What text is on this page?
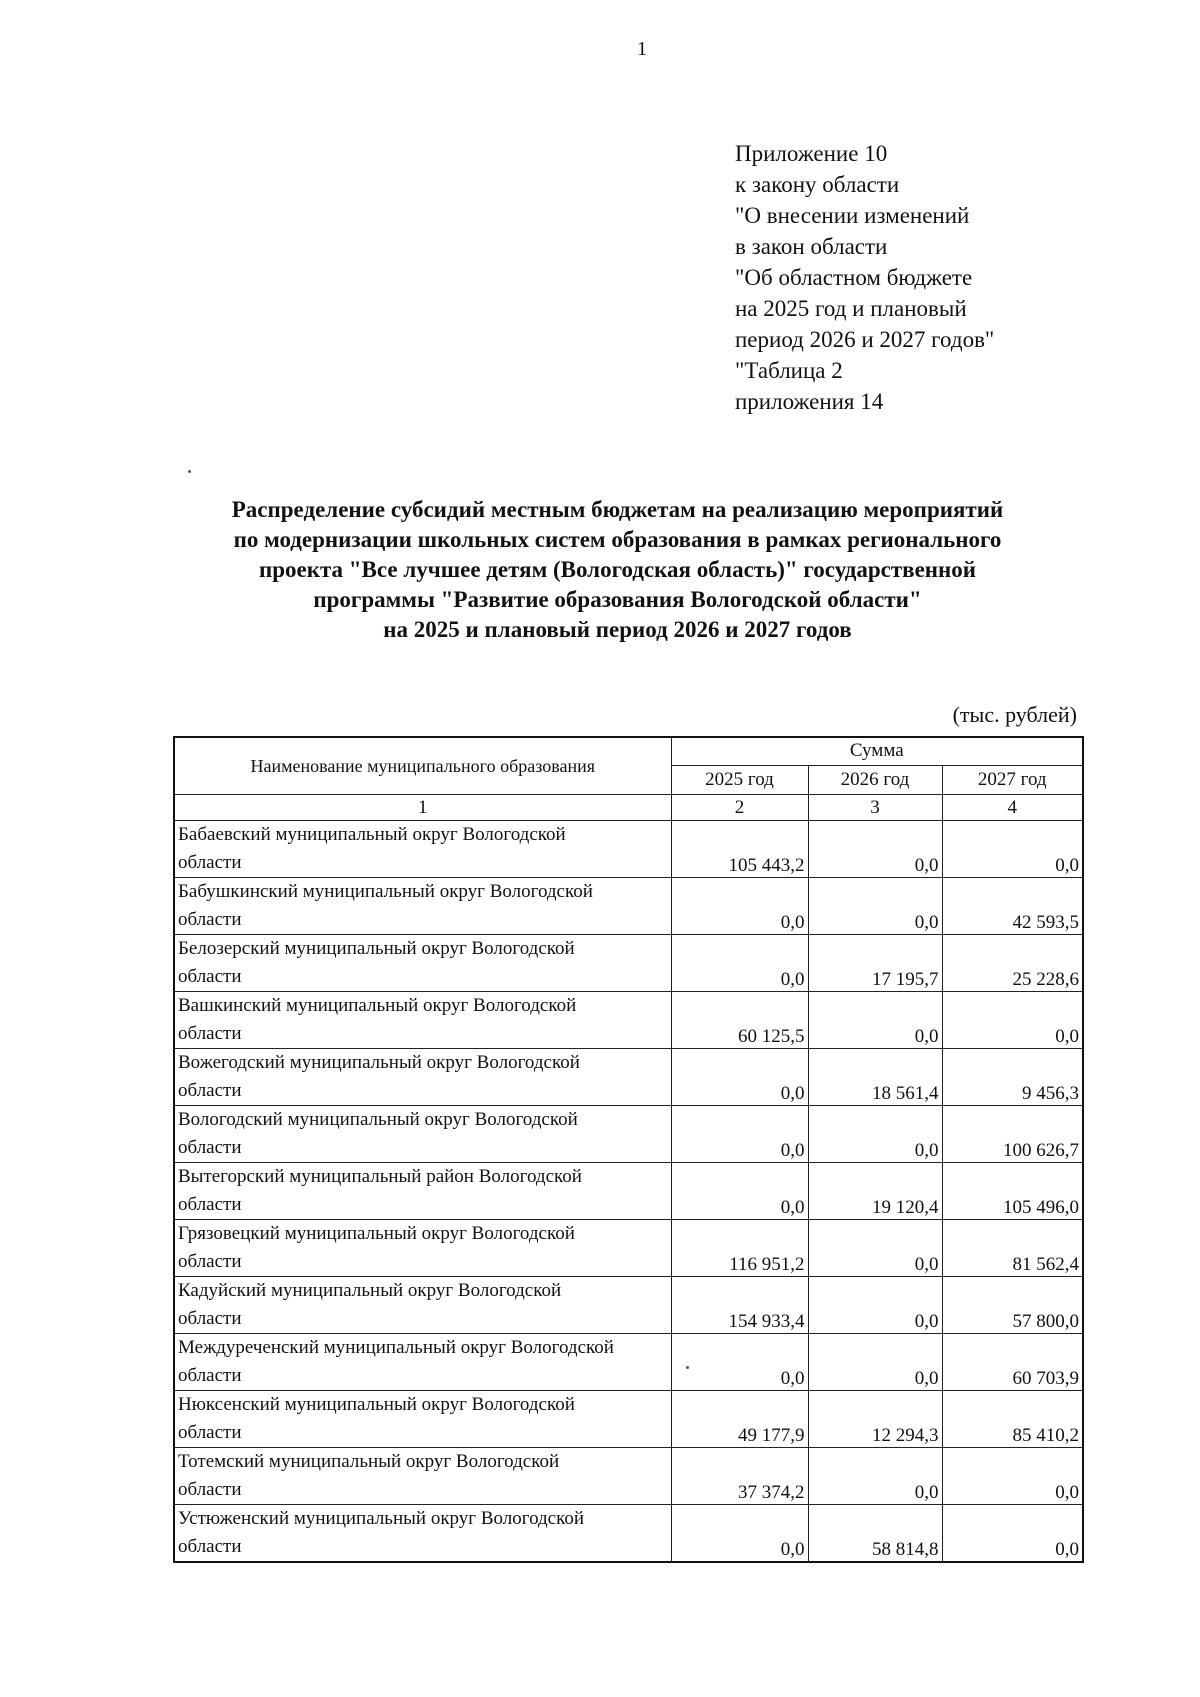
1
Приложение 10
к закону области
"О внесении изменений
в закон области
"Об областном бюджете
на 2025 год и плановый
период 2026 и 2027 годов"
"Таблица 2
приложения 14
Распределение субсидий местным бюджетам на реализацию мероприятий
по модернизации школьных систем образования в рамках регионального
проекта "Все лучшее детям (Вологодская область)" государственной
программы "Развитие образования Вологодской области"
на 2025 и плановый период 2026 и 2027 годов
(тыс. рублей)
Наименование муниципального образования	Сумма		
	2025 год	2026 год	2027 год
1	2	3	4

Бабаевский муниципальный округ Вологодской
области	105 443,2	0,0	0,0

Бабушкинский муниципальный округ Вологодской
области	0,0	0,0	42 593,5

Белозерский муниципальный округ Вологодской
области	0,0	17 195,7	25 228,6

Вашкинский муниципальный округ Вологодской
области	60 125,5	0,0	0,0

Вожегодский муниципальный округ Вологодской
области	0,0	18 561,4	9 456,3

Вологодский муниципальный округ Вологодской
области	0,0	0,0	100 626,7

Вытегорский муниципальный район Вологодской
области	0,0	19 120,4	105 496,0

Грязовецкий муниципальный округ Вологодской
области	116 951,2	0,0	81 562,4

Кадуйский муниципальный округ Вологодской
области	154 933,4	0,0	57 800,0

Междуреченский муниципальный округ Вологодской
области	0,0	0,0	60 703,9

Нюксенский муниципальный округ Вологодской
области	49 177,9	12 294,3	85 410,2

Тотемский муниципальный округ Вологодской
области	37 374,2	0,0	0,0

Устюженский муниципальный округ Вологодской
области	0,0	58 814,8	0,0
